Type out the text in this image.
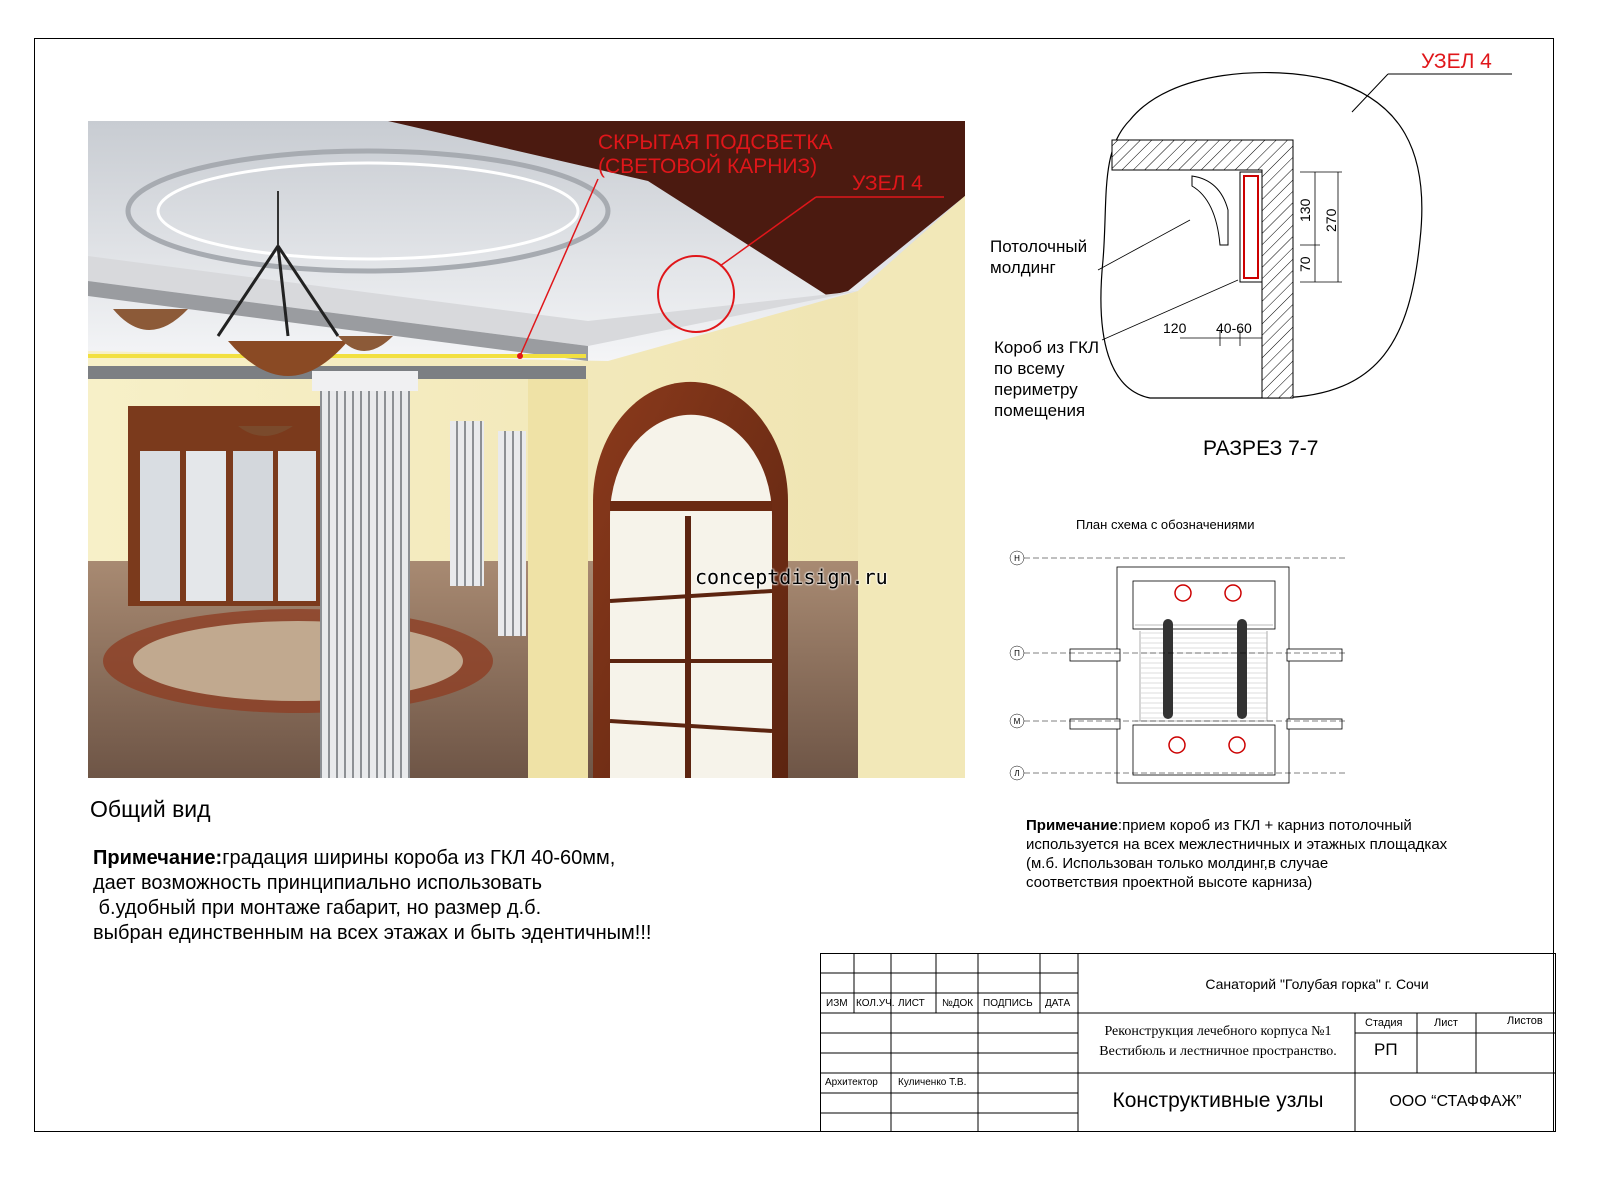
СКРЫТАЯ ПОДСВЕТКА
(СВЕТОВОЙ КАРНИЗ)
УЗЕЛ 4
conceptdisign.ru
Общий вид
УЗЕЛ 4
Потолочный
молдинг
Короб из ГКЛ
по всему
периметру
помещения
130 270
70
120 40-60
РАЗРЕЗ 7-7
План схема с обозначениями
Н
П
М
Л
Примечание:градация ширины короба из ГКЛ 40-60мм,
дает возможность принципиально использовать
б.удобный при монтаже габарит, но размер д.б.
выбран единственным на всех этажах и быть эдентичным!!!
Примечание:прием короб из ГКЛ + карниз потолочный
используется на всех межлестничных и этажных площадках
(м.б. Использован только молдинг,в случае
соответствия проектной высоте карниза)
ИЗМ КОЛ.УЧ. ЛИСТ №ДОК ПОДПИСЬ ДАТА
Архитектор Куличенко Т.В.
Санаторий "Голубая горка" г. Сочи
Реконструкция лечебного корпуса №1
Вестибюль и лестничное пространство.
Стадия	Лист	Листов
РП
Конструктивные узлы	ООО “СТАФФАЖ”
